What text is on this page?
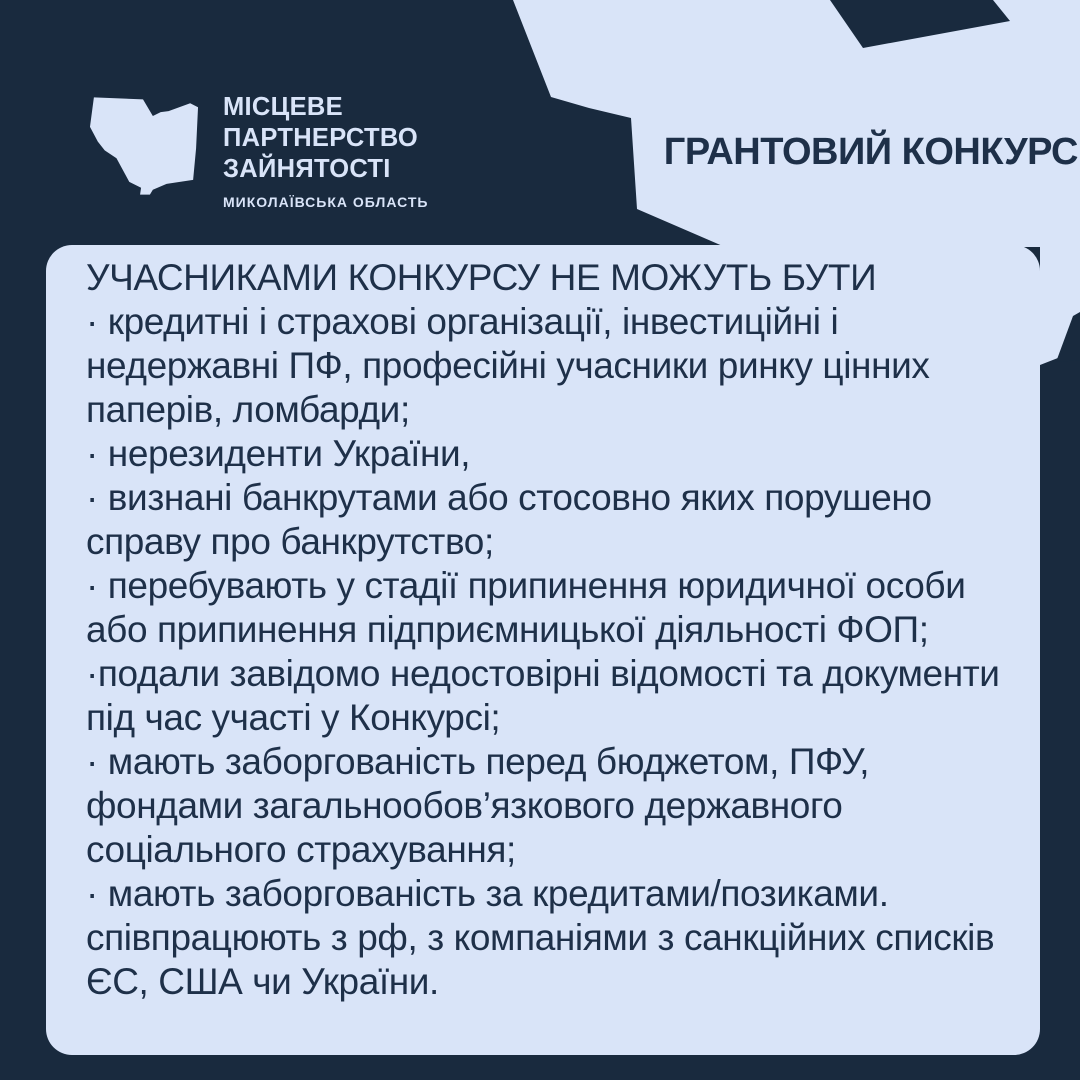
МІСЦЕВЕ
ПАРТНЕРСТВО
ЗАЙНЯТОСТІ
МИКОЛАЇВСЬКА ОБЛАСТЬ
ГРАНТОВИЙ КОНКУРС
УЧАСНИКАМИ КОНКУРСУ НЕ МОЖУТЬ БУТИ
· кредитні і страхові організації, інвестиційні і недержавні ПФ, професійні учасники ринку цінних паперів, ломбарди;
· нерезиденти України,
· визнані банкрутами або стосовно яких порушено справу про банкрутство;
· перебувають у стадії припинення юридичної особи або припинення підприємницької діяльності ФОП;
·подали завідомо недостовірні відомості та документи під час участі у Конкурсі;
· мають заборгованість перед бюджетом, ПФУ, фондами загальнообов’язкового державного соціального страхування;
· мають заборгованість за кредитами/позиками. співпрацюють з рф, з компаніями з санкційних списків ЄС, США чи України.
